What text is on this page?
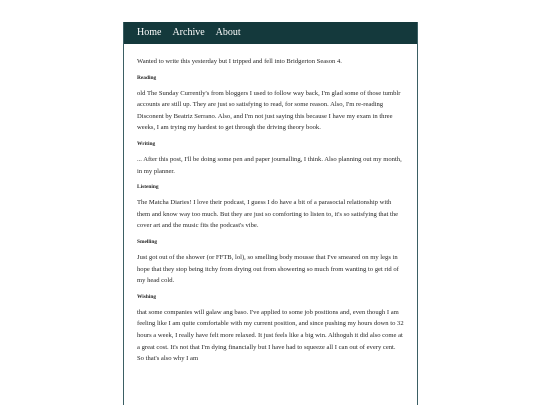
Home Archive About

Wanted to write this yesterday but I tripped and fell into Bridgerton Season 4.

Reading

old The Sunday Currently's from bloggers I used to follow way back, I'm glad some of those tumblr accounts are still up. They are just so satisfying to read, for some reason. Also, I'm re-reading Disconent by Beatriz Serrano. Also, and I'm not just saying this because I have my exam in three weeks, I am trying my hardest to get through the driving theory book.

Writing

... After this post, I'll be doing some pen and paper journalling, I think. Also planning out my month, in my planner.

Listening

The Matcha Diaries! I love their podcast, I guess I do have a bit of a parasocial relationship with them and know way too much. But they are just so comforting to listen to, it's so satisfying that the cover art and the music fits the podcast's vibe.

Smelling

Just got out of the shower (or FFTB, lol), so smelling body mousse that I've smeared on my legs in hope that they stop being itchy from drying out from showering so much from wanting to get rid of my head cold.

Wishing

that some companies will galaw ang baso. I've applied to some job positions and, even though I am feeling like I am quite comfortable with my current position, and since pushing my hours down to 32 hours a week, I really have felt more relaxed. It just feels like a big win. Althoguh it did also come at a great cost. It's not that I'm dying financially but I have had to squeeze all I can out of every cent. So that's also why I am
